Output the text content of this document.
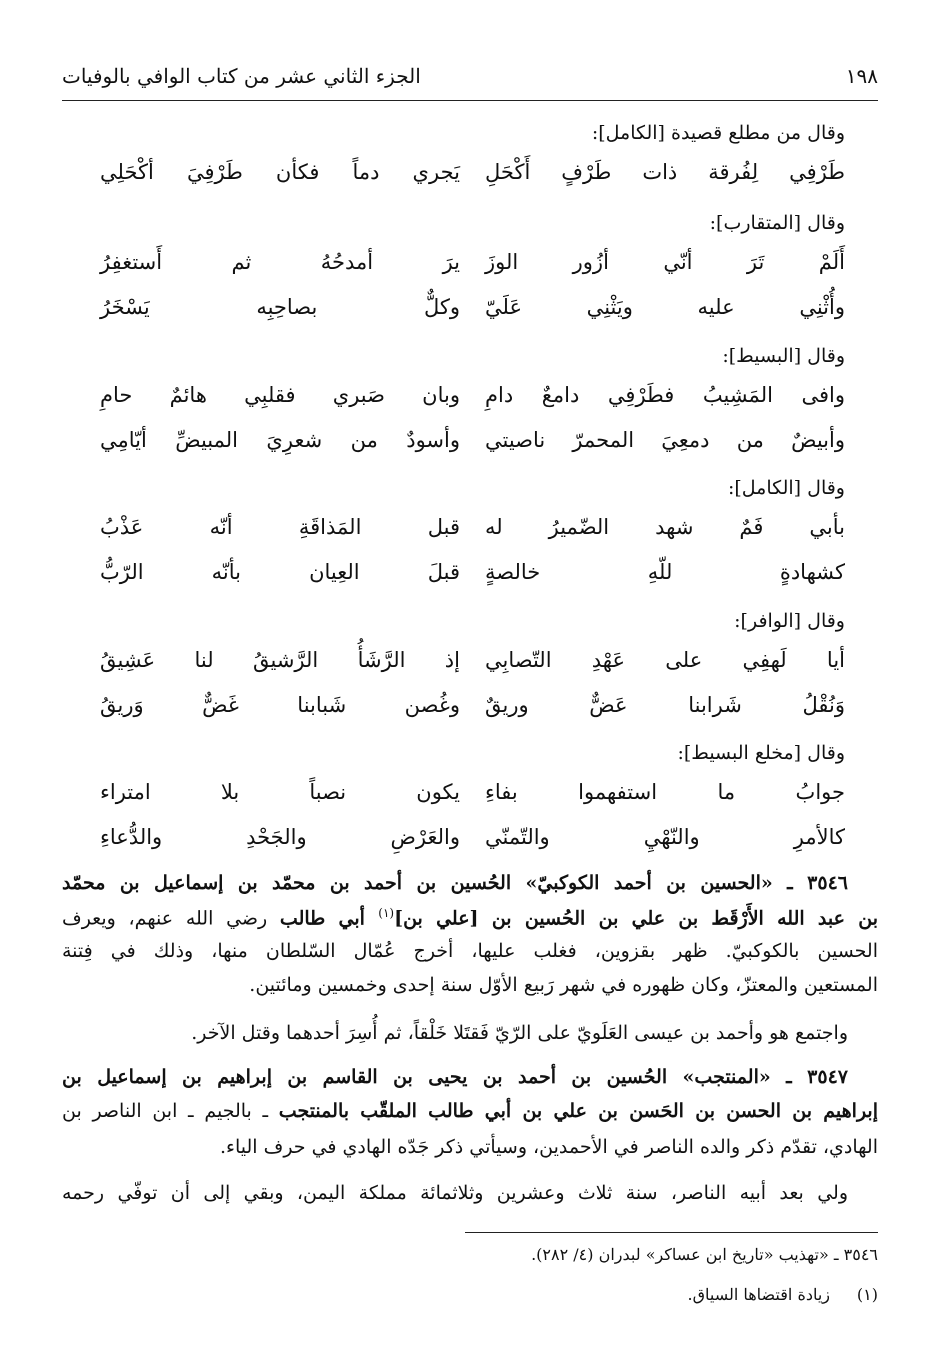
١٩٨
الجزء الثاني عشر من كتاب الوافي بالوفيات
وقال من مطلع قصيدة [الكامل]:
طَرْفِي لِفُرقة ذات طَرْفٍ أَكْحَلِ
يَجري دماً فكأن طَرْفِيَ أكْحَلِي
وقال [المتقارب]:
أَلَمْ تَرَ أنّي أزُور الوزَ
يرَ أمدحُهُ ثم أَستغفِرُ
وأُثْنِي عليه ويَثْنِي عَلَيّ
وكلٌّ بصاحِبِه يَسْخَرُ
وقال [البسيط]:
وافى المَشِيبُ فطَرْفِي دامعٌ دامِ
وبان صَبري فقلبِي هائمٌ حامِ
وأبيضٌ من دمعِيَ المحمرّ ناصيتي
وأسودٌ من شعرِيَ المبيضِّ أيّامِي
وقال [الكامل]:
بأبي فَمٌ شهد الضّميرُ له
قبل المَذاقَةِ أنّه عَذْبُ
كشهادةٍ للّهِ خالصةٍ
قبلَ العِيان بأنّه الرّبُّ
وقال [الوافر]:
أيا لَهفِي على عَهْدِ التّصابِي
إذ الرَّشَأُ الرَّشيقُ لنا عَشِيقُ
وَنُقْلُ شَرابنا عَضٌّ وريقٌ
وغُصن شَبابنا غَضٌّ وَريقُ
وقال [مخلع البسيط]:
جوابُ ما استفهموا بفاءِ
يكون نصباً بلا امتراء
كالأمرِ والنّهْيِ والتّمنّي
والعَرْضِ والجَحْدِ والدُّعاءِ
٣٥٤٦ ـ «الحسين بن أحمد الكوكبيّ» الحُسين بن أحمد بن محمّد بن إسماعيل بن محمّد
بن عبد الله الأَرْقَط بن علي بن الحُسين بن [علي بن]$^{(١)}$ أبي طالب رضي الله عنهم، ويعرف
الحسين بالكوكبيّ. ظهر بقزوين، فغلب عليها، أخرج عُمّال السّلطان منها، وذلك في فِتنة
المستعين والمعتزّ، وكان ظهوره في شهر رَبيع الأوّل سنة إحدى وخمسين ومائتين.
واجتمع هو وأحمد بن عيسى العَلَويّ على الرّيّ فَقتَلا خَلْقاً، ثم أُسِرَ أحدهما وقتل الآخر.
٣٥٤٧ ـ «المنتجب» الحُسين بن أحمد بن يحيى بن القاسم بن إبراهيم بن إسماعيل بن
إبراهيم بن الحسن بن الحَسن بن علي بن أبي طالب الملقّب بالمنتجب ـ بالجيم ـ ابن الناصر بن
الهادي، تقدّم ذكر والده الناصر في الأحمدين، وسيأتي ذكر جَدّه الهادي في حرف الياء.
ولي بعد أبيه الناصر، سنة ثلاث وعشرين وثلاثمائة مملكة اليمن، وبقي إلى أن توفّي رحمه
٣٥٤٦ ـ «تهذيب «تاريخ ابن عساكر» لبدران (٤/ ٢٨٢).
(١)زيادة اقتضاها السياق.
